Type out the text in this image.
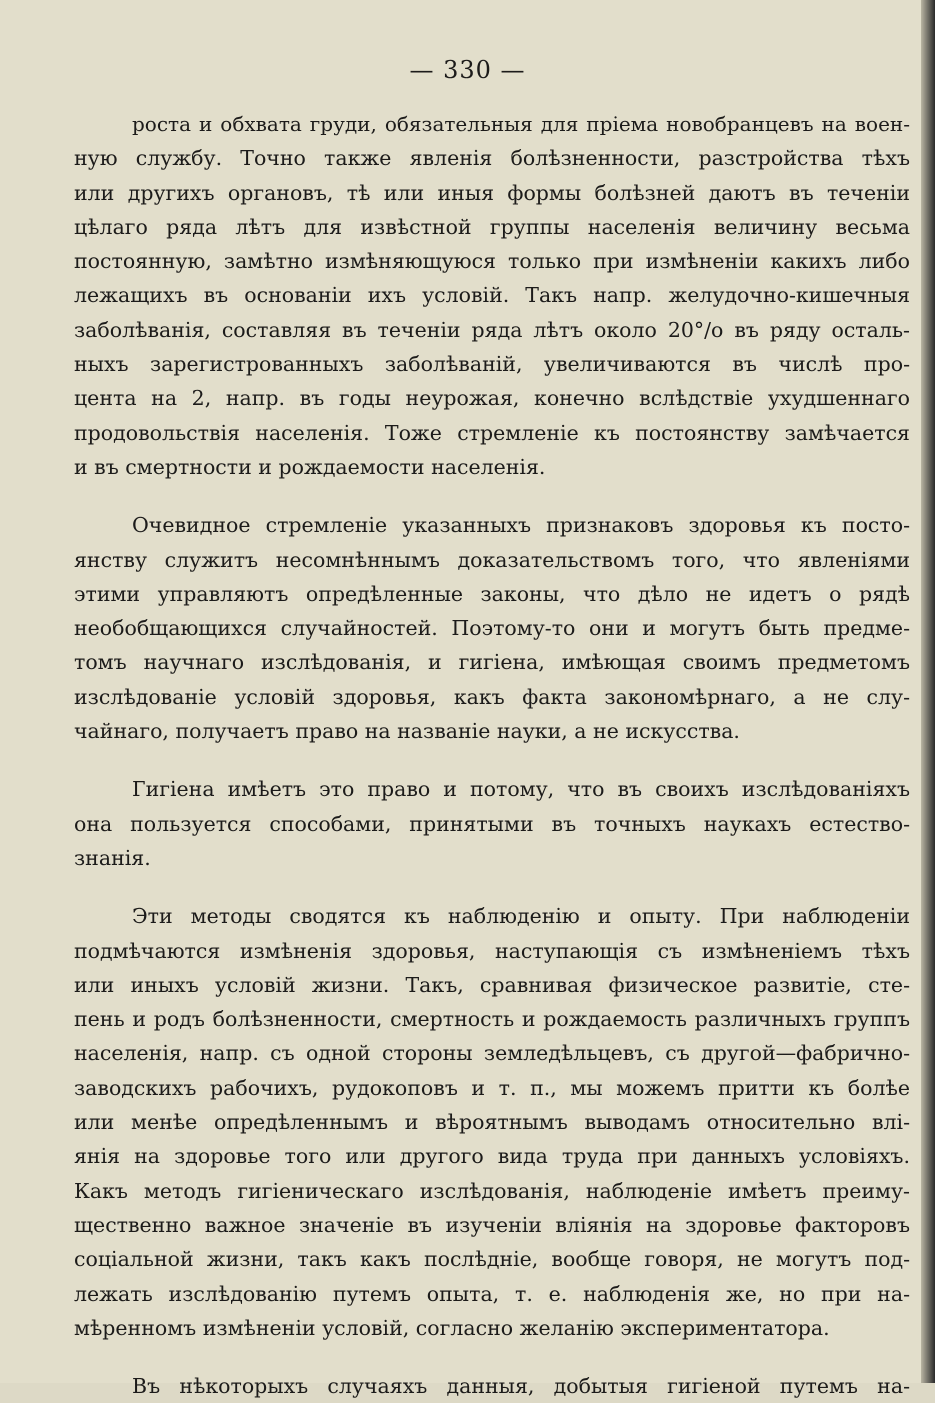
— 330 —
роста и обхвата груди, обязательныя для пріема новобранцевъ на воен-
ную службу. Точно также явленія болѣзненности, разстройства тѣхъ
или другихъ органовъ, тѣ или иныя формы болѣзней даютъ въ теченіи
цѣлаго ряда лѣтъ для извѣстной группы населенія величину весьма
постоянную, замѣтно измѣняющуюся только при измѣненіи какихъ либо
лежащихъ въ основаніи ихъ условій. Такъ напр. желудочно-кишечныя
заболѣванія, составляя въ теченіи ряда лѣтъ около 20°/о въ ряду осталь-
ныхъ зарегистрованныхъ заболѣваній, увеличиваются въ числѣ про-
цента на 2, напр. въ годы неурожая, конечно вслѣдствіе ухудшеннаго
продовольствія населенія. Тоже стремленіе къ постоянству замѣчается
и въ смертности и рождаемости населенія.
Очевидное стремленіе указанныхъ признаковъ здоровья къ посто-
янству служитъ несомнѣннымъ доказательствомъ того, что явленіями
этими управляютъ опредѣленные законы, что дѣло не идетъ о рядѣ
необобщающихся случайностей. Поэтому-то они и могутъ быть предме-
томъ научнаго изслѣдованія, и гигіена, имѣющая своимъ предметомъ
изслѣдованіе условій здоровья, какъ факта закономѣрнаго, а не слу-
чайнаго, получаетъ право на названіе науки, а не искусства.
Гигіена имѣетъ это право и потому, что въ своихъ изслѣдованіяхъ
она пользуется способами, принятыми въ точныхъ наукахъ естество-
знанія.
Эти методы сводятся къ наблюденію и опыту. При наблюденіи
подмѣчаются измѣненія здоровья, наступающія съ измѣненіемъ тѣхъ
или иныхъ условій жизни. Такъ, сравнивая физическое развитіе, сте-
пень и родъ болѣзненности, смертность и рождаемость различныхъ группъ
населенія, напр. съ одной стороны земледѣльцевъ, съ другой—фабрично-
заводскихъ рабочихъ, рудокоповъ и т. п., мы можемъ притти къ болѣе
или менѣе опредѣленнымъ и вѣроятнымъ выводамъ относительно влі-
янія на здоровье того или другого вида труда при данныхъ условіяхъ.
Какъ методъ гигіеническаго изслѣдованія, наблюденіе имѣетъ преиму-
щественно важное значеніе въ изученіи вліянія на здоровье факторовъ
соціальной жизни, такъ какъ послѣдніе, вообще говоря, не могутъ под-
лежать изслѣдованію путемъ опыта, т. е. наблюденія же, но при на-
мѣренномъ измѣненіи условій, согласно желанію экспериментатора.
Въ нѣкоторыхъ случаяхъ данныя, добытыя гигіеной путемъ на-
